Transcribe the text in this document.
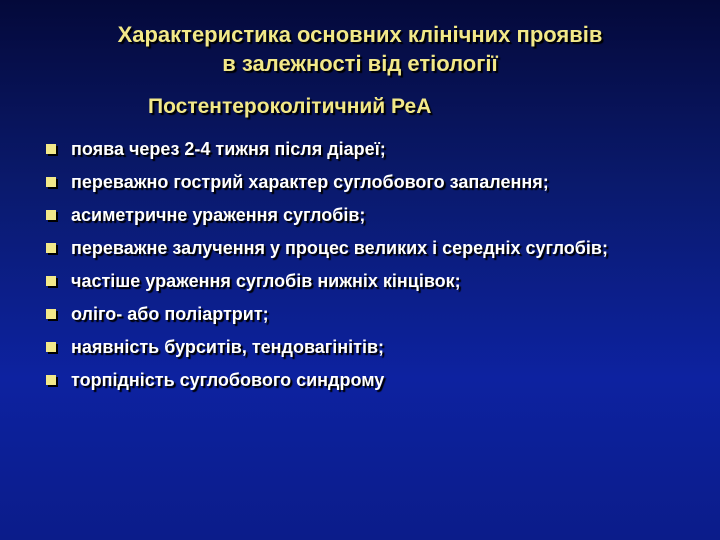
Характеристика основних клінічних проявів
в залежності від етіології
Постентероколітичний РеА
поява через 2-4 тижня після діареї;
переважно гострий характер суглобового запалення;
асиметричне ураження суглобів;
переважне залучення у процес великих і середніх суглобів;
частіше ураження суглобів нижніх кінцівок;
оліго- або поліартрит;
наявність бурситів, тендовагінітів;
торпідність суглобового синдрому
